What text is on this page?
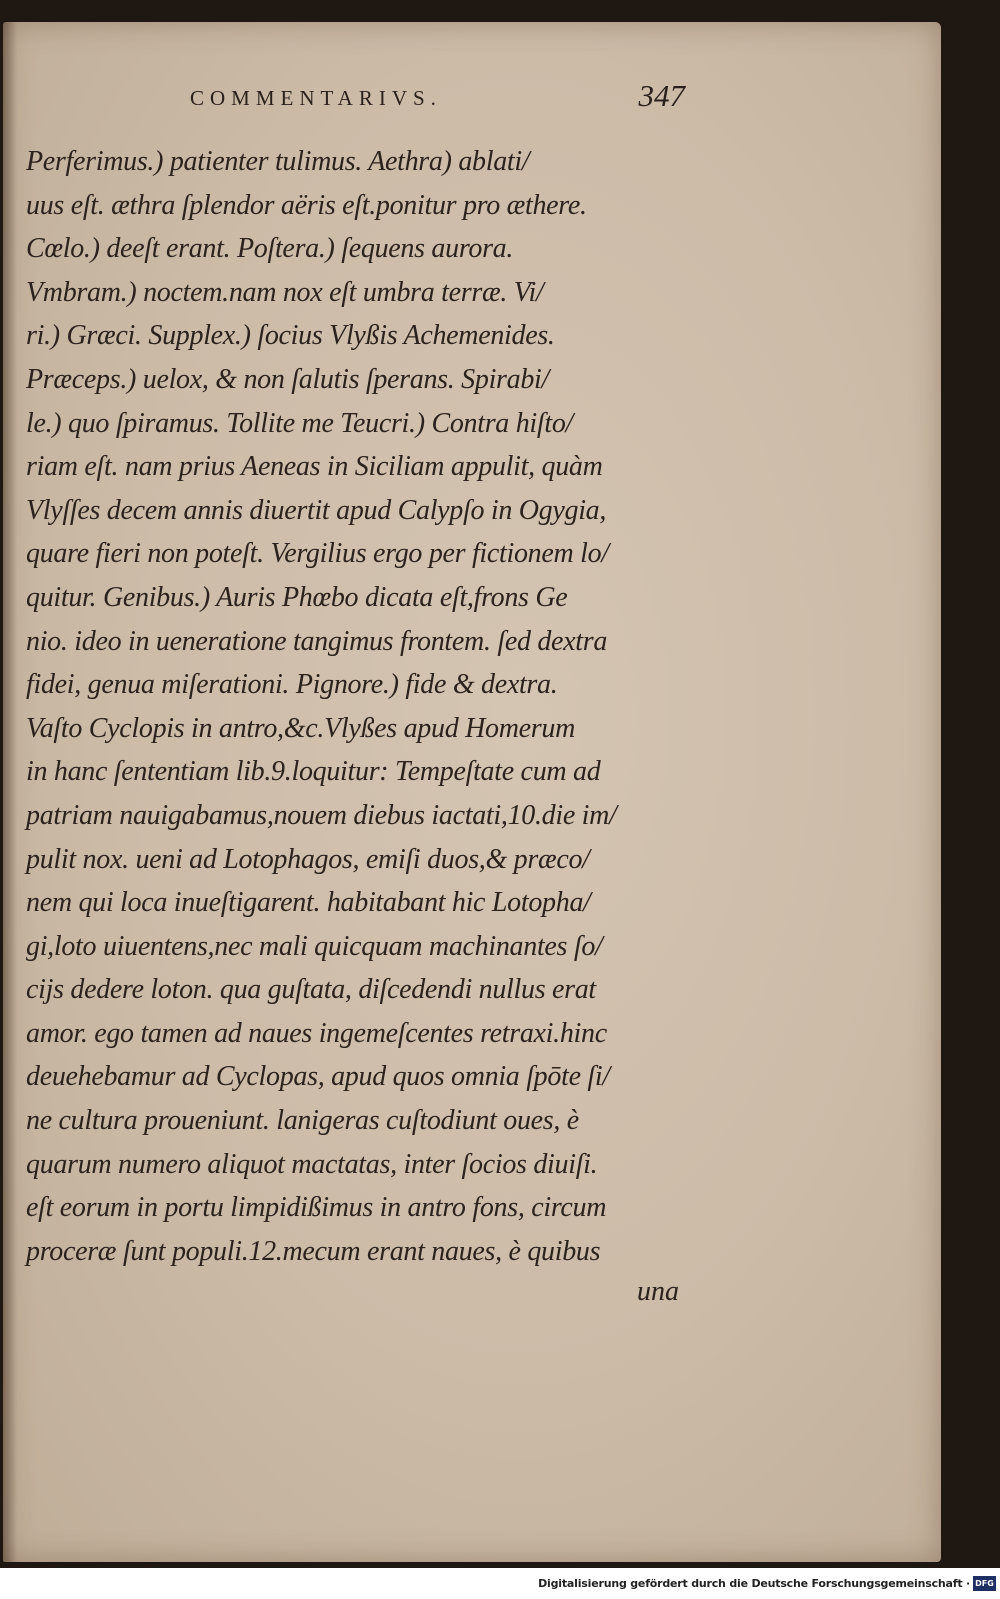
COMMENTARIVS.	347
Perferimus.) patienter tulimus. Aethra) ablati/
uus eſt. æthra ſplendor aëris eſt.ponitur pro æthere.
Cœlo.) deeſt erant. Poſtera.) ſequens aurora.
Vmbram.) noctem.nam nox eſt umbra terræ. Vi/
ri.) Græci. Supplex.) ſocius Vlyßis Achemenides.
Præceps.) uelox, & non ſalutis ſperans. Spirabi/
le.) quo ſpiramus. Tollite me Teucri.) Contra hiſto/
riam eſt. nam prius Aeneas in Siciliam appulit, quàm
Vlyſſes decem annis diuertit apud Calypſo in Ogygia,
quare fieri non poteſt. Vergilius ergo per fictionem lo/
quitur. Genibus.) Auris Phœbo dicata eſt,frons Ge
nio. ideo in ueneratione tangimus frontem. ſed dextra
fidei, genua miſerationi. Pignore.) fide & dextra.
Vaſto Cyclopis in antro,&c.Vlyßes apud Homerum
in hanc ſententiam lib.9.loquitur: Tempeſtate cum ad
patriam nauigabamus,nouem diebus iactati,10.die im/
pulit nox. ueni ad Lotophagos, emiſi duos,& præco/
nem qui loca inueſtigarent. habitabant hic Lotopha/
gi,loto uiuentens,nec mali quicquam machinantes ſo/
cijs dedere loton. qua guſtata, diſcedendi nullus erat
amor. ego tamen ad naues ingemeſcentes retraxi.hinc
deuehebamur ad Cyclopas, apud quos omnia ſpōte ſi/
ne cultura proueniunt. lanigeras cuſtodiunt oues, è
quarum numero aliquot mactatas, inter ſocios diuiſi.
eſt eorum in portu limpidißimus in antro fons, circum
proceræ ſunt populi.12.mecum erant naues, è quibus
una
Digitalisierung gefördert durch die Deutsche Forschungsgemeinschaft · DFG
